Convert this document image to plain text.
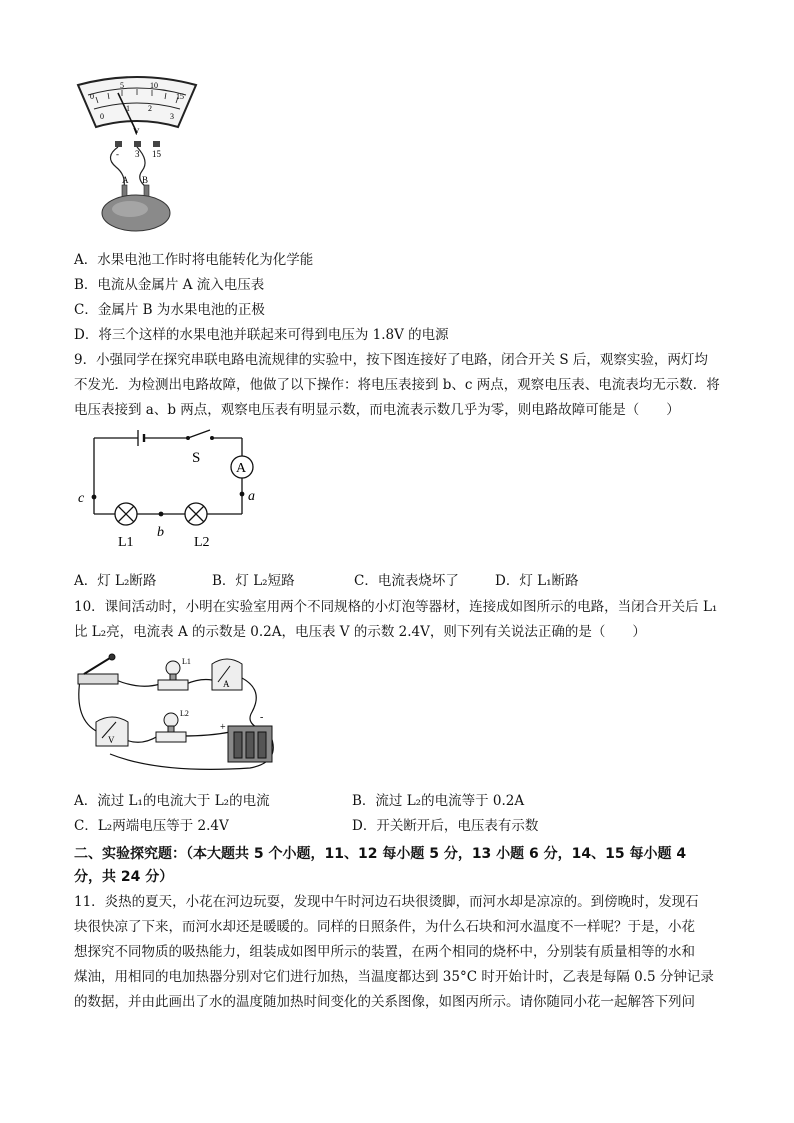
0
5	10
15
0
1 2
3
V
- 3 15
A B
A．水果电池工作时将电能转化为化学能
B．电流从金属片 A 流入电压表
C．金属片 B 为水果电池的正极
D．将三个这样的水果电池并联起来可得到电压为 1.8V 的电源
9．小强同学在探究串联电路电流规律的实验中，按下图连接好了电路，闭合开关 S 后，观察实验，两灯均
不发光．为检测出电路故障，他做了以下操作：将电压表接到 b、c 两点，观察电压表、电流表均无示数．将
电压表接到 a、b 两点，观察电压表有明显示数，而电流表示数几乎为零，则电路故障可能是（　　）
S
A
c	a
b
L1	L2
A．灯 L₂断路	B．灯 L₂短路	C．电流表烧坏了	D．灯 L₁断路
10．课间活动时，小明在实验室用两个不同规格的小灯泡等器材，连接成如图所示的电路，当闭合开关后 L₁
比 L₂亮，电流表 A 的示数是 0.2A，电压表 V 的示数 2.4V，则下列有关说法正确的是（　　）
L1
A
V
L2
+
-
A．流过 L₁的电流大于 L₂的电流	B．流过 L₂的电流等于 0.2A
C．L₂两端电压等于 2.4V	D．开关断开后，电压表有示数
二、实验探究题：（本大题共 5 个小题，11、12 每小题 5 分，13 小题 6 分，14、15 每小题 4
分，共 24 分）
11．炎热的夏天，小花在河边玩耍，发现中午时河边石块很烫脚，而河水却是凉凉的。到傍晚时，发现石
块很快凉了下来，而河水却还是暖暖的。同样的日照条件，为什么石块和河水温度不一样呢？于是，小花
想探究不同物质的吸热能力，组装成如图甲所示的装置，在两个相同的烧杯中，分别装有质量相等的水和
煤油，用相同的电加热器分别对它们进行加热，当温度都达到 35°C 时开始计时，乙表是每隔 0.5 分钟记录
的数据，并由此画出了水的温度随加热时间变化的关系图像，如图丙所示。请你随同小花一起解答下列问
